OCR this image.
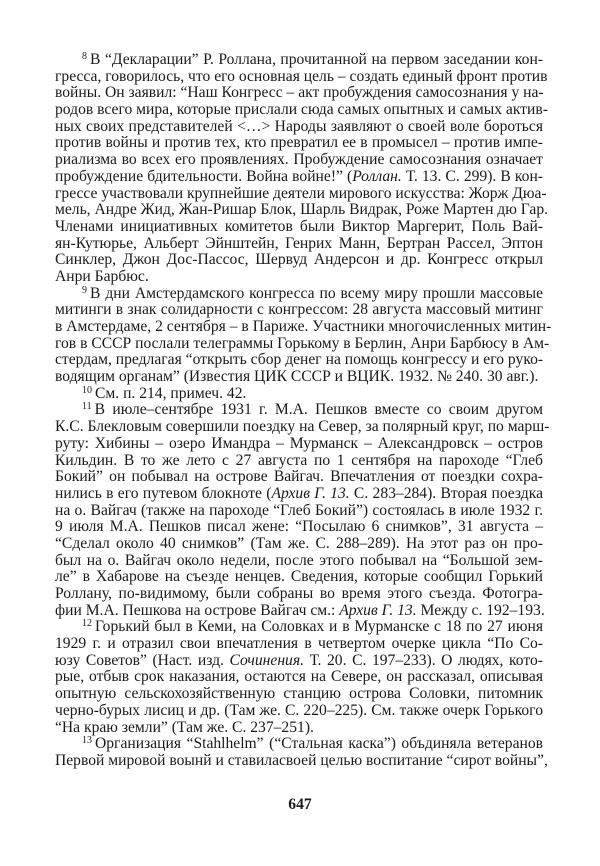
$^8$ В “Декларации” Р. Роллана, прочитанной на первом заседании кон-
гресса, говорилось, что его основная цель – создать единый фронт против
войны. Он заявил: “Наш Конгресс – акт пробуждения самосознания у на-
родов всего мира, которые прислали сюда самых опытных и самых актив-
ных своих представителей <…> Народы заявляют о своей воле бороться
против войны и против тех, кто превратил ее в промысел – против импе-
риализма во всех его проявлениях. Пробуждение самосознания означает
пробуждение бдительности. Война войне!” (Роллан. Т. 13. С. 299). В кон-
грессе участвовали крупнейшие деятели мирового искусства: Жорж Дюа-
мель, Андре Жид, Жан-Ришар Блок, Шарль Видрак, Роже Мартен дю Гар.
Членами инициативных комитетов были Виктор Маргерит, Поль Вай-
ян-Кутюрье, Альберт Эйнштейн, Генрих Манн, Бертран Рассел, Эптон
Синклер, Джон Дос-Пассос, Шервуд Андерсон и др. Конгресс открыл
Анри Барбюс.
$^9$ В дни Амстердамского конгресса по всему миру прошли массовые
митинги в знак солидарности с конгрессом: 28 августа массовый митинг
в Амстердаме, 2 сентября – в Париже. Участники многочисленных митин-
гов в СССР послали телеграммы Горькому в Берлин, Анри Барбюсу в Ам-
стердам, предлагая “открыть сбор денег на помощь конгрессу и его руко-
водящим органам” (Известия ЦИК СССР и ВЦИК. 1932. № 240. 30 авг.).
$^{10}$ См. п. 214, примеч. 42.
$^{11}$ В июле–сентябре 1931 г. М.А. Пешков вместе со своим другом
К.С. Блекловым совершили поездку на Север, за полярный круг, по марш-
руту: Хибины – озеро Имандра – Мурманск – Александровск – остров
Кильдин. В то же лето с 27 августа по 1 сентября на пароходе “Глеб
Бокий” он побывал на острове Вайгач. Впечатления от поездки сохра-
нились в его путевом блокноте (Архив Г. 13. С. 283–284). Вторая поездка
на о. Вайгач (также на пароходе “Глеб Бокий”) состоялась в июле 1932 г.
9 июля М.А. Пешков писал жене: “Посылаю 6 снимков”, 31 августа –
“Сделал около 40 снимков” (Там же. С. 288–289). На этот раз он про-
был на о. Вайгач около недели, после этого побывал на “Большой зем-
ле” в Хабарове на съезде ненцев. Сведения, которые сообщил Горький
Роллану, по-видимому, были собраны во время этого съезда. Фотогра-
фии М.А. Пешкова на острове Вайгач см.: Архив Г. 13. Между с. 192–193.
$^{12}$ Горький был в Кеми, на Соловках и в Мурманске с 18 по 27 июня
1929 г. и отразил свои впечатления в четвертом очерке цикла “По Со-
юзу Советов” (Наст. изд. Сочинения. Т. 20. С. 197–233). О людях, кото-
рые, отбыв срок наказания, остаются на Севере, он рассказал, описывая
опытную сельскохозяйственную станцию острова Соловки, питомник
черно-бурых лисиц и др. (Там же. С. 220–225). См. также очерк Горького
“На краю земли” (Там же. С. 237–251).
$^{13}$ Организация “Stahlhelm” (“Стальная каска”) объдиняла ветеранов
Первой мировой воынй и ставиласвоей целью воспитание “сирот войны”,
647
